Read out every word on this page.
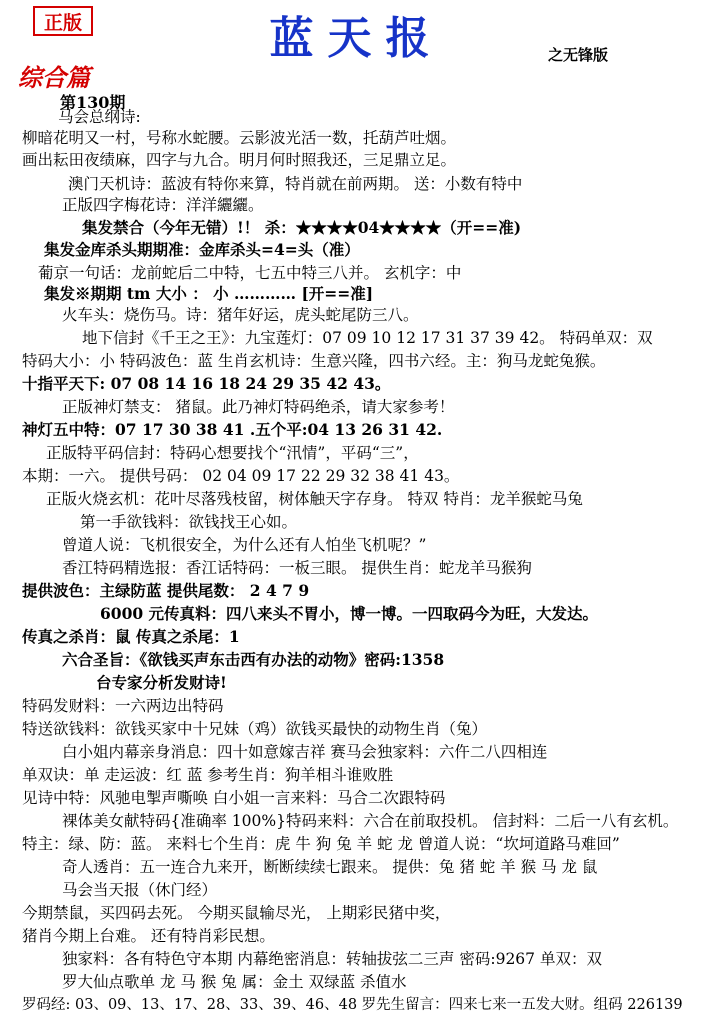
正版	蓝天报	之无锋版
综合篇
第130期
马会总纲诗:
柳暗花明又一村，号称水蛇腰。云影波光活一数，托葫芦吐烟。
画出耘田夜绩麻，四字与九合。明月何时照我还，三足鼎立足。
澳门天机诗：蓝波有特你来算，特肖就在前两期。 送：小数有特中
正版四字梅花诗：洋洋纚纚。
集发禁合（今年无错）!！ 杀：★★★★04★★★★（开==准)
集发金库杀头期期准：金库杀头=4=头（准）
葡京一句话：龙前蛇后二中特，七五中特三八并。 玄机字：中
集发※期期 tm 大小 ： 小 ………… [开==准]
火车头：烧伤马。诗：猪年好运，虎头蛇尾防三八。
地下信封《千王之王》：九宝莲灯：07 09 10 12 17 31 37 39 42。 特码单双：双
特码大小：小 特码波色：蓝 生肖玄机诗：生意兴隆，四书六经。主：狗马龙蛇兔猴。
十指平天下: 07 08 14 16 18 24 29 35 42 43。
正版神灯禁支： 猪鼠。此乃神灯特码绝杀，请大家参考！
神灯五中特：07 17 30 38 41 .五个平:04 13 26 31 42.
正版特平码信封：特码心想要找个“汛情”，平码“三”，
本期：一六。 提供号码： 02 04 09 17 22 29 32 38 41 43。
正版火烧玄机：花叶尽落残枝留，树体触天字存身。 特双 特肖：龙羊猴蛇马兔
第一手欲钱料：欲钱找王心如。
曾道人说：飞机很安全，为什么还有人怕坐飞机呢？”
香江特码精选报：香江话特码：一板三眼。 提供生肖：蛇龙羊马猴狗
提供波色：主绿防蓝 提供尾数： 2 4 7 9
6000 元传真料：四八来头不胃小，博一博。一四取码今为旺，大发达。
传真之杀肖：鼠 传真之杀尾：1
六合圣旨：《欲钱买声东击西有办法的动物》密码:1358
台专家分析发财诗!
特码发财料：一六两边出特码
特送欲钱料：欲钱买家中十兄妹（鸡）欲钱买最快的动物生肖（兔）
白小姐内幕亲身消息：四十如意嫁吉祥 赛马会独家料：六仵二八四相连
单双诀：单 走运波：红 蓝 参考生肖：狗羊相斗谁败胜
见诗中特：风驰电掣声嘶唤 白小姐一言来料：马合二次跟特码
裸体美女献特码{准确率 100%}特码来料：六合在前取投机。 信封料：二后一八有玄机。
特主：绿、防：蓝。 来料七个生肖：虎 牛 狗 兔 羊 蛇 龙 曾道人说：“坎坷道路马难回”
奇人透肖：五一连合九来开，断断续续七跟来。 提供：兔 猪 蛇 羊 猴 马 龙 鼠
马会当天报（休门经）
今期禁鼠，买四码去死。 今期买鼠输尽光， 上期彩民猪中奖，
猪肖今期上台难。 还有特肖彩民想。
独家料：各有特色守本期 内幕绝密消息：转轴拔弦二三声 密码:9267 单双：双
罗大仙点歌单 龙 马 猴 兔 属：金土 双绿蓝 杀值水
罗码经: 03、09、13、17、28、33、39、46、48 罗先生留言：四来七来一五发大财。组码 226139
